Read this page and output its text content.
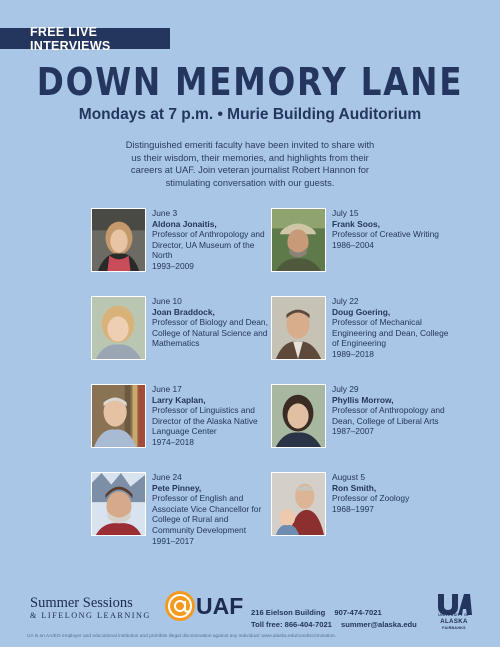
FREE LIVE INTERVIEWS
DOWN MEMORY LANE
Mondays at 7 p.m. • Murie Building Auditorium
Distinguished emeriti faculty have been invited to share with us their wisdom, their memories, and highlights from their careers at UAF. Join veteran journalist Robert Hannon for stimulating conversation with our guests.
June 3
Aldona Jonaitis,
Professor of Anthropology and Director, UA Museum of the North
1993–2009
June 10
Joan Braddock,
Professor of Biology and Dean, College of Natural Science and Mathematics
June 17
Larry Kaplan,
Professor of Linguistics and Director of the Alaska Native Language Center
1974–2018
June 24
Pete Pinney,
Professor of English and Associate Vice Chancellor for College of Rural and Community Development
1991–2017
July 15
Frank Soos,
Professor of Creative Writing
1986–2004
July 22
Doug Goering,
Professor of Mechanical Engineering and Dean, College of Engineering
1989–2018
July 29
Phyllis Morrow,
Professor of Anthropology and Dean, College of Liberal Arts
1987–2007
August 5
Ron Smith,
Professor of Zoology
1968–1997
Summer Sessions
& LIFELONG LEARNING UAF 216 Eielson Building 907-474-7021
Toll free: 866-404-7021 summer@alaska.edu
UNIVERSITY OF
ALASKA
FAIRBANKS
UA is an AA/EO employer and educational institution and prohibits illegal discrimination against any individual: www.alaska.edu/nondiscrimination.
